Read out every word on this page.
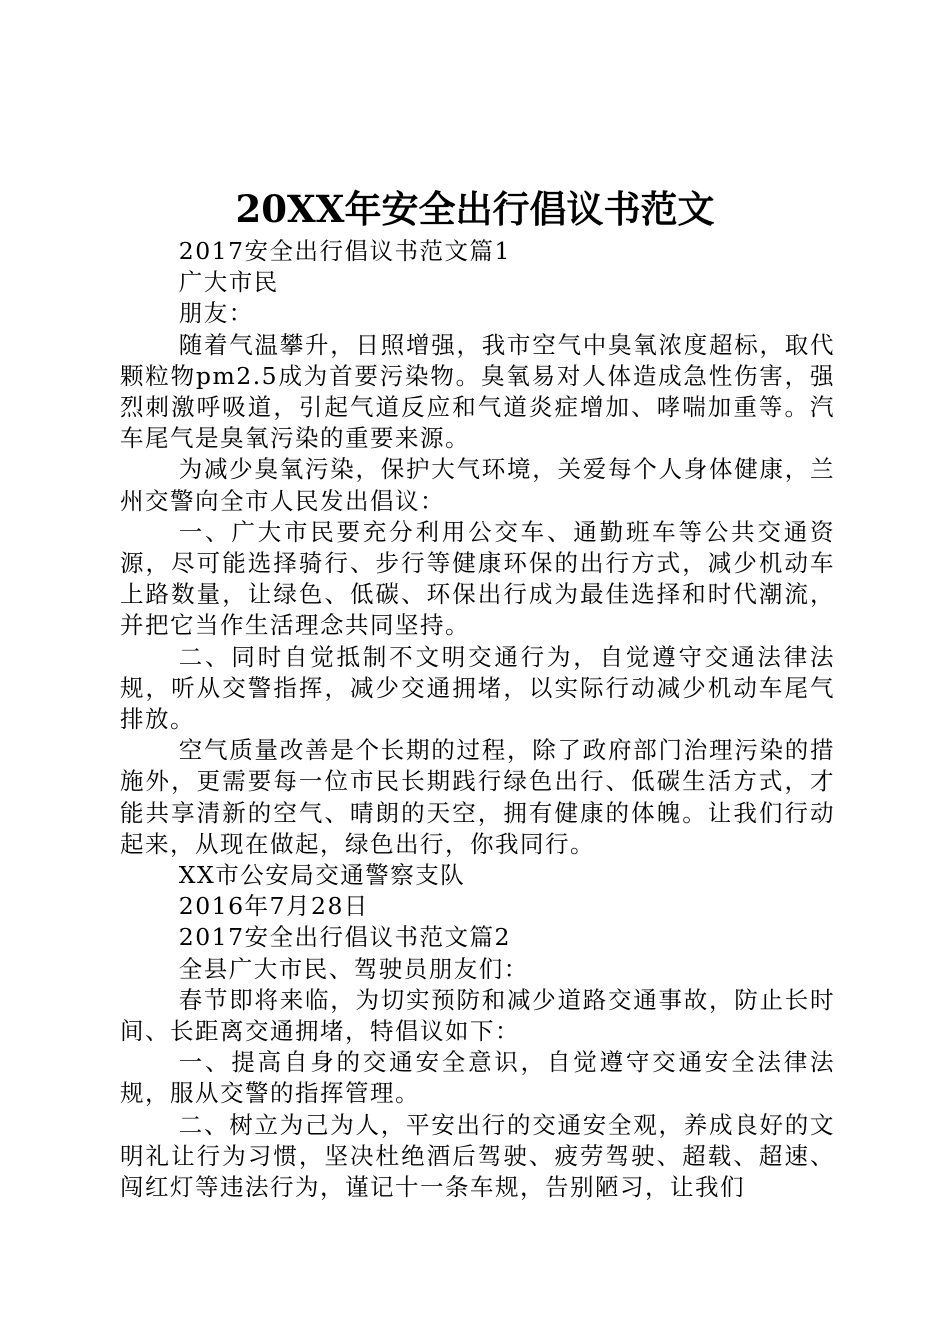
20XX年安全出行倡议书范文

2017安全出行倡议书范文篇1

广大市民

朋友：

随着气温攀升，日照增强，我市空气中臭氧浓度超标，取代颗粒物pm2.5成为首要污染物。臭氧易对人体造成急性伤害，强烈刺激呼吸道，引起气道反应和气道炎症增加、哮喘加重等。汽车尾气是臭氧污染的重要来源。

为减少臭氧污染，保护大气环境，关爱每个人身体健康，兰州交警向全市人民发出倡议：

一、广大市民要充分利用公交车、通勤班车等公共交通资源，尽可能选择骑行、步行等健康环保的出行方式，减少机动车上路数量，让绿色、低碳、环保出行成为最佳选择和时代潮流，并把它当作生活理念共同坚持。

二、同时自觉抵制不文明交通行为，自觉遵守交通法律法规，听从交警指挥，减少交通拥堵，以实际行动减少机动车尾气排放。

空气质量改善是个长期的过程，除了政府部门治理污染的措施外，更需要每一位市民长期践行绿色出行、低碳生活方式，才能共享清新的空气、晴朗的天空，拥有健康的体魄。让我们行动起来，从现在做起，绿色出行，你我同行。

XX市公安局交通警察支队

2016年7月28日

2017安全出行倡议书范文篇2

全县广大市民、驾驶员朋友们：

春节即将来临，为切实预防和减少道路交通事故，防止长时间、长距离交通拥堵，特倡议如下：

一、提高自身的交通安全意识，自觉遵守交通安全法律法规，服从交警的指挥管理。

二、树立为己为人，平安出行的交通安全观，养成良好的文明礼让行为习惯，坚决杜绝酒后驾驶、疲劳驾驶、超载、超速、闯红灯等违法行为，谨记十一条车规，告别陋习，让我们
